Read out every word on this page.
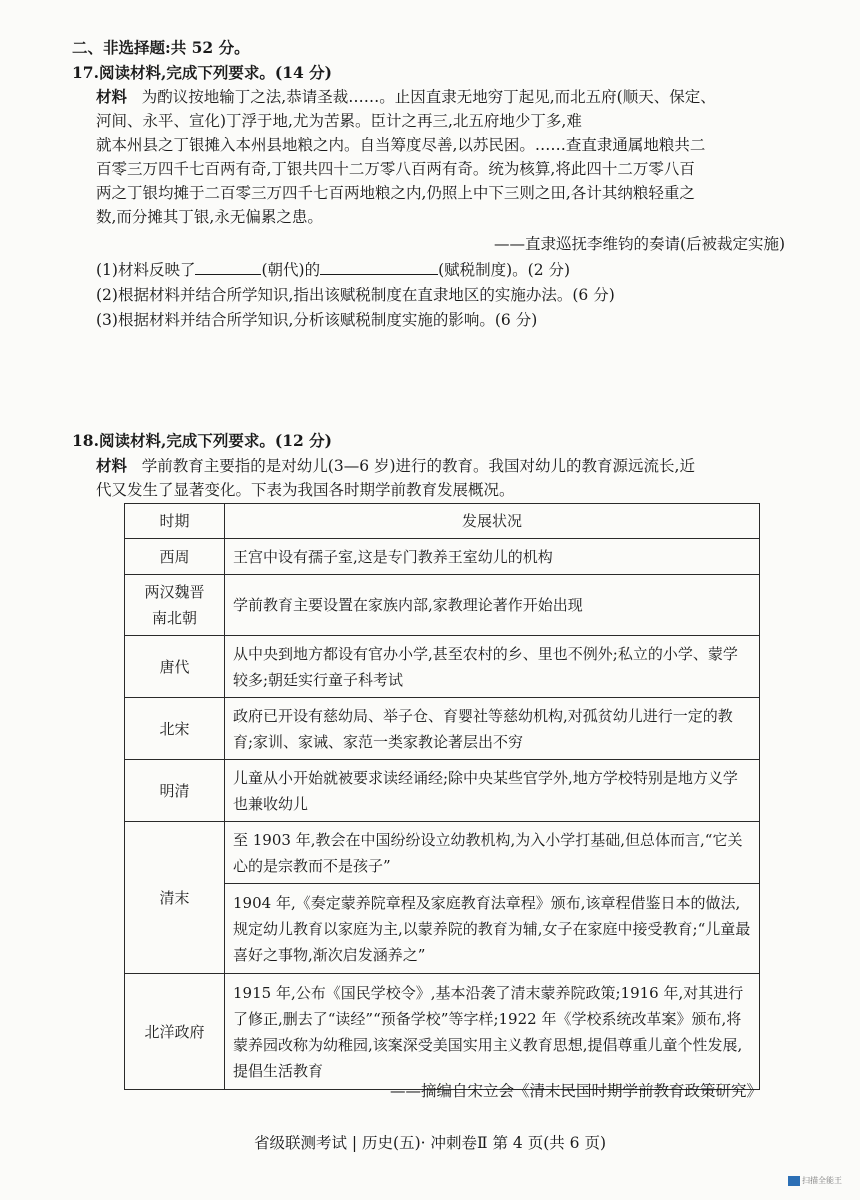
二、非选择题:共 52 分。
17.阅读材料,完成下列要求。(14 分)
材料 为酌议按地输丁之法,恭请圣裁……。止因直隶无地穷丁起见,而北五府(顺天、保定、
河间、永平、宣化)丁浮于地,尤为苦累。臣计之再三,北五府地少丁多,难
就本州县之丁银摊入本州县地粮之内。自当筹度尽善,以苏民困。……查直隶通属地粮共二
百零三万四千七百两有奇,丁银共四十二万零八百两有奇。统为核算,将此四十二万零八百
两之丁银均摊于二百零三万四千七百两地粮之内,仍照上中下三则之田,各计其纳粮轻重之
数,而分摊其丁银,永无偏累之患。
——直隶巡抚李维钧的奏请(后被裁定实施)
(1)材料反映了	(朝代)的	(赋税制度)。(2 分)
(2)根据材料并结合所学知识,指出该赋税制度在直隶地区的实施办法。(6 分)
(3)根据材料并结合所学知识,分析该赋税制度实施的影响。(6 分)
18.阅读材料,完成下列要求。(12 分)
材料 学前教育主要指的是对幼儿(3—6 岁)进行的教育。我国对幼儿的教育源远流长,近
代又发生了显著变化。下表为我国各时期学前教育发展概况。
时期	发展状况
西周	王宫中设有孺子室,这是专门教养王室幼儿的机构
两汉魏晋南北朝	学前教育主要设置在家族内部,家教理论著作开始出现
唐代	从中央到地方都设有官办小学,甚至农村的乡、里也不例外;私立的小学、蒙学较多;朝廷实行童子科考试
北宋	政府已开设有慈幼局、举子仓、育婴社等慈幼机构,对孤贫幼儿进行一定的教育;家训、家诫、家范一类家教论著层出不穷
明清	儿童从小开始就被要求读经诵经;除中央某些官学外,地方学校特别是地方义学也兼收幼儿
清末	至 1903 年,教会在中国纷纷设立幼教机构,为入小学打基础,但总体而言,“它关心的是宗教而不是孩子”
	1904 年,《奏定蒙养院章程及家庭教育法章程》颁布,该章程借鉴日本的做法,规定幼儿教育以家庭为主,以蒙养院的教育为辅,女子在家庭中接受教育;“儿童最喜好之事物,渐次启发涵养之”
北洋政府	1915 年,公布《国民学校令》,基本沿袭了清末蒙养院政策;1916 年,对其进行了修正,删去了“读经”“预备学校”等字样;1922 年《学校系统改革案》颁布,将蒙养园改称为幼稚园,该案深受美国实用主义教育思想,提倡尊重儿童个性发展,提倡生活教育
——摘编自宋立会《清末民国时期学前教育政策研究》
省级联测考试 | 历史(五)· 冲刺卷Ⅱ 第 4 页(共 6 页)
扫描全能王
